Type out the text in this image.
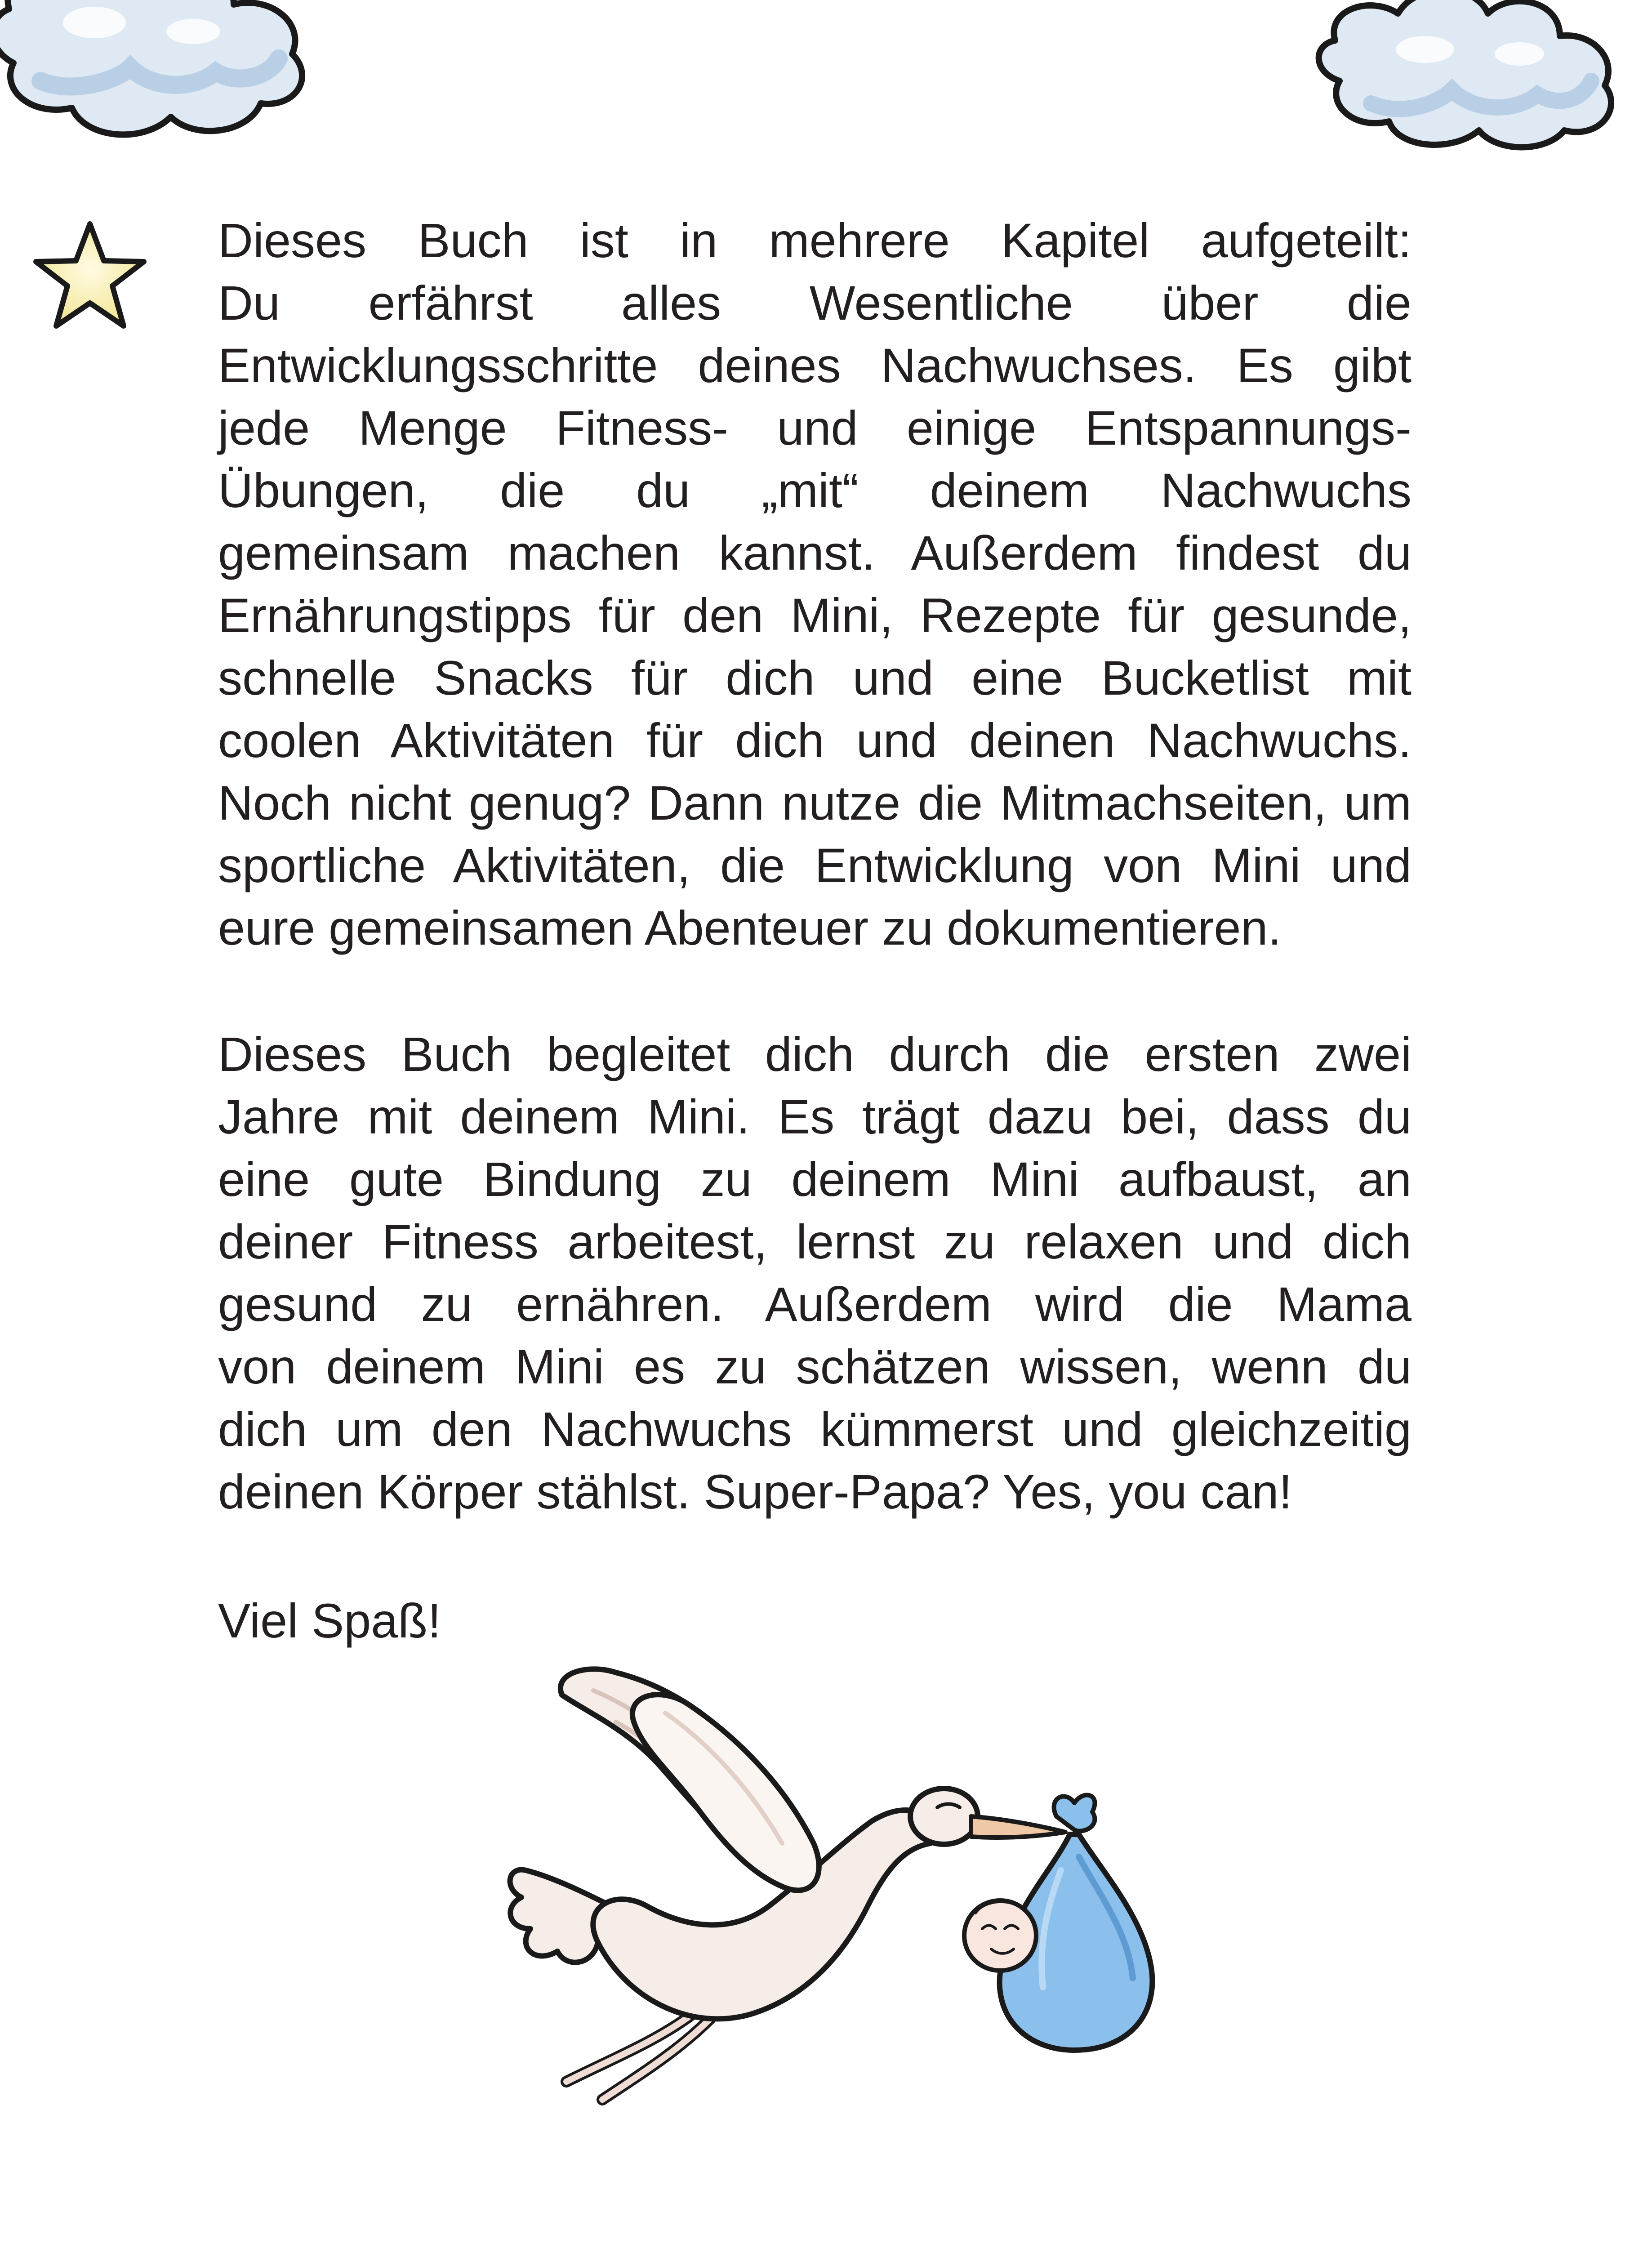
Dieses Buch ist in mehrere Kapitel aufgeteilt:
Du erfährst alles Wesentliche über die
Entwicklungsschritte deines Nachwuchses. Es gibt
jede Menge Fitness- und einige Entspannungs-
Übungen, die du „mit“ deinem Nachwuchs
gemeinsam machen kannst. Außerdem findest du
Ernährungstipps für den Mini, Rezepte für gesunde,
schnelle Snacks für dich und eine Bucketlist mit
coolen Aktivitäten für dich und deinen Nachwuchs.
Noch nicht genug? Dann nutze die Mitmachseiten, um
sportliche Aktivitäten, die Entwicklung von Mini und
eure gemeinsamen Abenteuer zu dokumentieren.
Dieses Buch begleitet dich durch die ersten zwei
Jahre mit deinem Mini. Es trägt dazu bei, dass du
eine gute Bindung zu deinem Mini aufbaust, an
deiner Fitness arbeitest, lernst zu relaxen und dich
gesund zu ernähren. Außerdem wird die Mama
von deinem Mini es zu schätzen wissen, wenn du
dich um den Nachwuchs kümmerst und gleichzeitig
deinen Körper stählst. Super-Papa? Yes, you can!

Viel Spaß!
